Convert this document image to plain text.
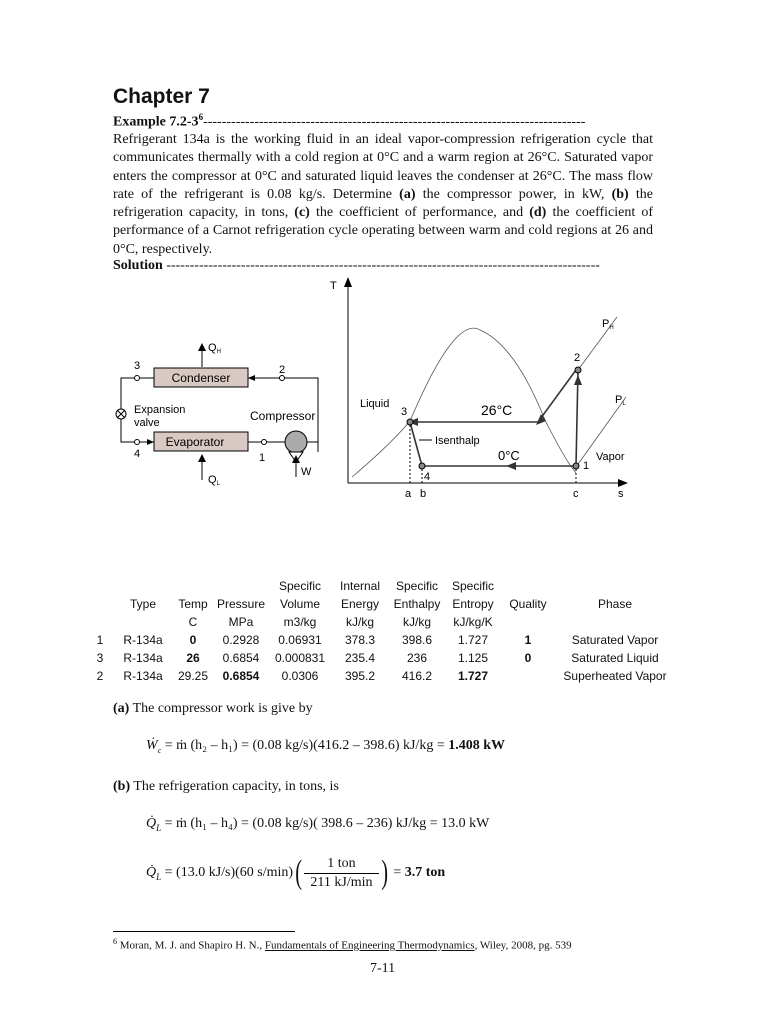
Chapter 7
Example $7.2-3^6----------------------------------------------------------------------------------$
Refrigerant 134a is the working fluid in an ideal vapor-compression refrigeration cycle that communicates thermally with a cold region at 0°C and a warm region at 26°C. Saturated vapor enters the compressor at 0°C and saturated liquid leaves the condenser at 26°C. The mass flow rate of the refrigerant is 0.08 kg/s. Determine (a) the compressor power, in kW, (b) the refrigeration capacity, in tons, (c) the coefficient of performance, and (d) the coefficient of performance of a Carnot refrigeration cycle operating between warm and cold regions at 26 and 0°C, respectively.
Solution ---------------------------------------------------------------------------------------------
QH
Condenser
2
3
Expansion
valve
4
Evaporator
1
Compressor
W
QL
T
s
PH
PL
2
3
4
1
Liquid
Vapor
26°C
0°C
Isenthalp
a b	c
				Specific	Internal	Specific	Specific		
	Type	Temp	Pressure	Volume	Energy	Enthalpy	Entropy	Quality	Phase
		C	MPa	m3/kg	kJ/kg	kJ/kg	kJ/kg/K		
1	R-134a	0	0.2928	0.06931	378.3	398.6	1.727	1	Saturated Vapor
3	R-134a	26	0.6854	0.000831	235.4	236	1.125	0	Saturated Liquid
2	R-134a	29.25	0.6854	0.0306	395.2	416.2	1.727		Superheated Vapor
(a) The compressor work is give by
Ẇ$_c$ = ṁ (h₂ – h₁) = (0.08 kg/s)(416.2 – 398.6) kJ/kg = 1.408 kW
(b) The refrigeration capacity, in tons, is
$Q̇_L$ = ṁ (h₁ – h₄) = (0.08 kg/s)( 398.6 – 236) kJ/kg = 13.0 kW
$Q̇_L = (13.0$ kJ/s)(60 $s/\min)( \frac{\text{1 ton}}{211 kJ/\min}$ ) = 3.7 ton
$^6$ Moran, M. J. and Shapiro H. N., Fundamentals of Engineering Thermodynamics, Wiley, 2008, pg. 539
7-11
